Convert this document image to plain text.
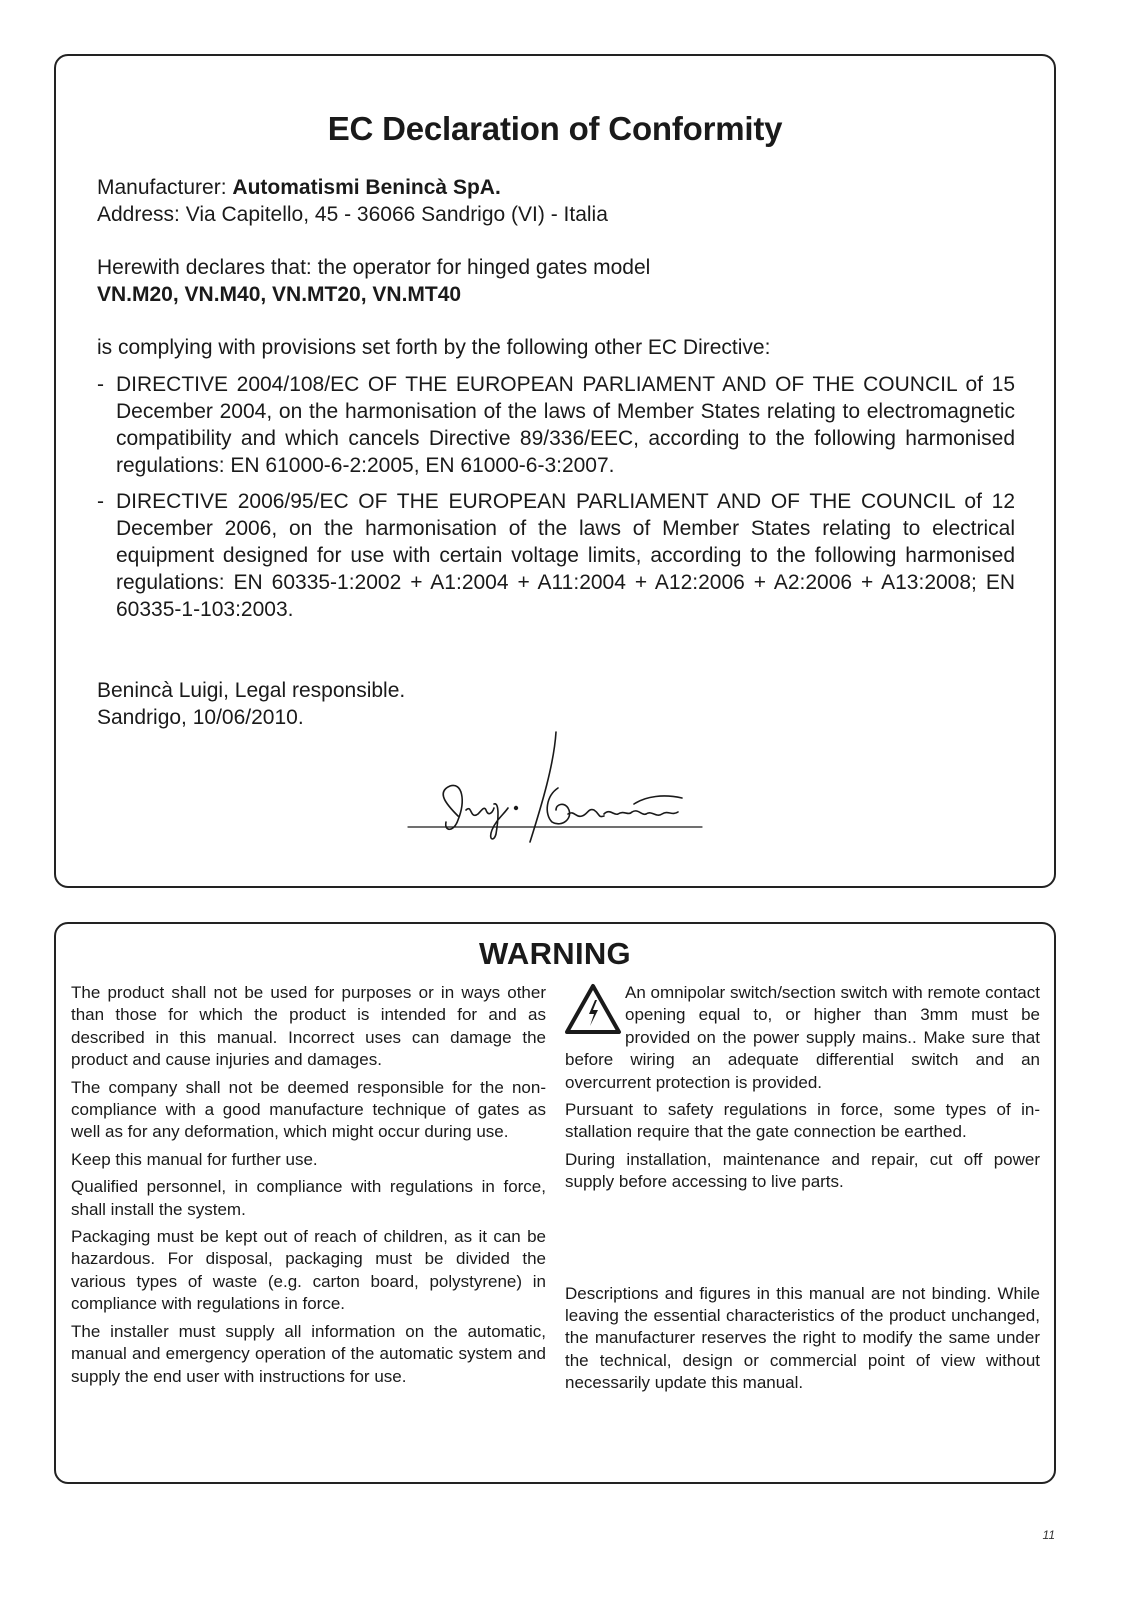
EC Declaration of Conformity

Manufacturer: Automatismi Benincà SpA.

Address: Via Capitello, 45 - 36066 Sandrigo (VI) - Italia

Herewith declares that: the operator for hinged gates model

VN.M20, VN.M40, VN.MT20, VN.MT40

is complying with provisions set forth by the following other EC Directive:

- DIRECTIVE 2004/108/EC OF THE EUROPEAN PARLIAMENT AND OF THE COUNCIL of 15 December 2004, on the harmonisation of the laws of Member States relating to electromagnetic compatibility and which cancels Directive 89/336/EEC, according to the following harmonised regulations: EN 61000-6-2:2005, EN 61000-6-3:2007.
- DIRECTIVE 2006/95/EC OF THE EUROPEAN PARLIAMENT AND OF THE COUNCIL of 12 December 2006, on the harmonisation of the laws of Member States relating to electrical equipment designed for use with certain voltage limits, according to the following harmonised regulations: EN 60335-1:2002 + A1:2004 + A11:2004 + A12:2006 + A2:2006 + A13:2008; EN 60335-1-103:2003.

Benincà Luigi, Legal responsible.

Sandrigo, 10/06/2010.	Luigi Benincà
WARNING

The product shall not be used for purposes or in ways other than those for which the product is intended for and as described in this manual. Incorrect uses can damage the product and cause injuries and damages.

The company shall not be deemed responsible for the non-compliance with a good manufacture technique of gates as well as for any deformation, which might occur during use.

Keep this manual for further use.

Qualified personnel, in compliance with regulations in force, shall install the system.

Packaging must be kept out of reach of children, as it can be hazardous. For disposal, packaging must be divided the various types of waste (e.g. carton board, polystyrene) in compliance with regulations in force.

The installer must supply all information on the automatic, manual and emergency operation of the automatic system and supply the end user with instructions for use.

An omnipolar switch/section switch with remote contact opening equal to, or higher than 3mm must be provided on the power supply mains.. Make sure that before wiring an adequate differential switch and an overcurrent protection is provided.

Pursuant to safety regulations in force, some types of in-stallation require that the gate connection be earthed.

During installation, maintenance and repair, cut off power supply before accessing to live parts.

Descriptions and figures in this manual are not binding. While leaving the essential characteristics of the product unchanged, the manufacturer reserves the right to modify the same under the technical, design or commercial point of view without necessarily update this manual.

11
